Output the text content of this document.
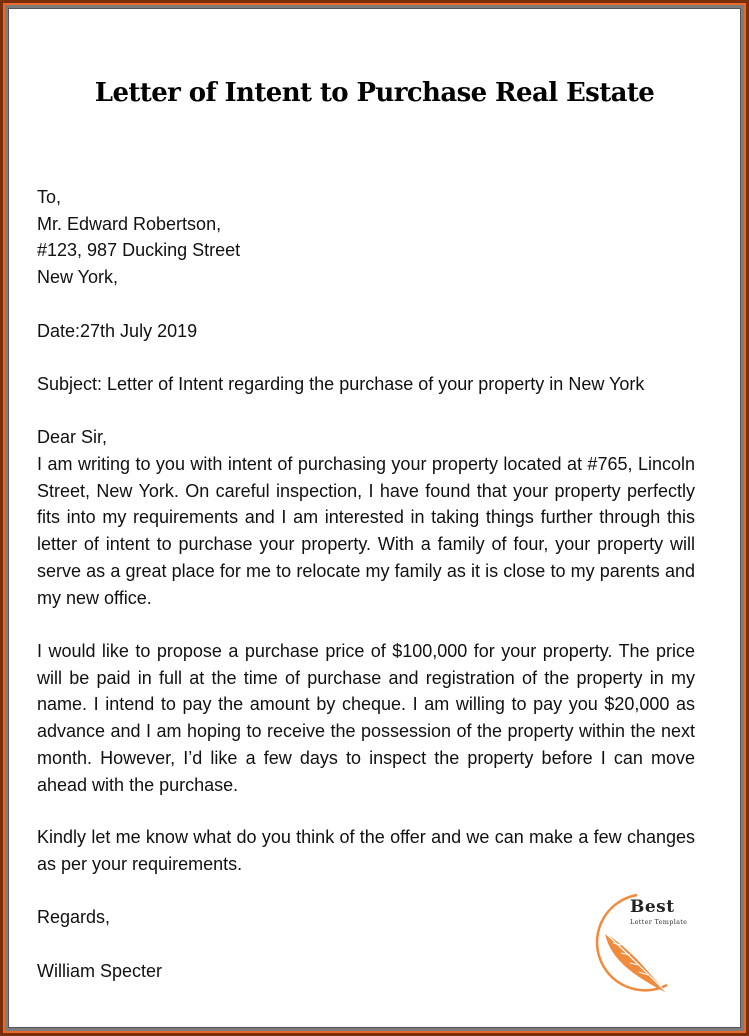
Letter of Intent to Purchase Real Estate
To,
Mr. Edward Robertson,
#123, 987 Ducking Street
New York,
Date:27th July 2019
Subject: Letter of Intent regarding the purchase of your property in New York
Dear Sir,

I am writing to you with intent of purchasing your property located at #765, Lincoln Street, New York. On careful inspection, I have found that your property perfectly fits into my requirements and I am interested in taking things further through this letter of intent to purchase your property. With a family of four, your property will serve as a great place for me to relocate my family as it is close to my parents and my new office.

I would like to propose a purchase price of $100,000 for your property. The price will be paid in full at the time of purchase and registration of the property in my name. I intend to pay the amount by cheque. I am willing to pay you $20,000 as advance and I am hoping to receive the possession of the property within the next month. However, I’d like a few days to inspect the property before I can move ahead with the purchase.

Kindly let me know what do you think of the offer and we can make a few changes as per your requirements.

Regards,
William Specter
Best
Letter Template
